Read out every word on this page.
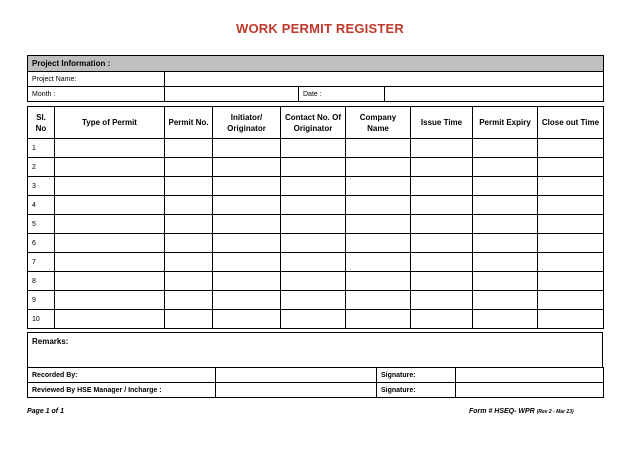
WORK PERMIT REGISTER
Project Information :			
Project Name:			
Month :		Date :	
Sl. No	Type of Permit	Permit No.	Initiator/ Originator	Contact No. Of Originator	Company Name	Issue Time	Permit Expiry	Close out Time
1								
2								
3								
4								
5								
6								
7								
8								
9								
10								
Remarks:
Recorded By:		Signature:	
Reviewed By HSE Manager / Incharge :		Signature:	
Page 1 of 1	Form # HSEQ- WPR (Rev 2 - Mar 23)
